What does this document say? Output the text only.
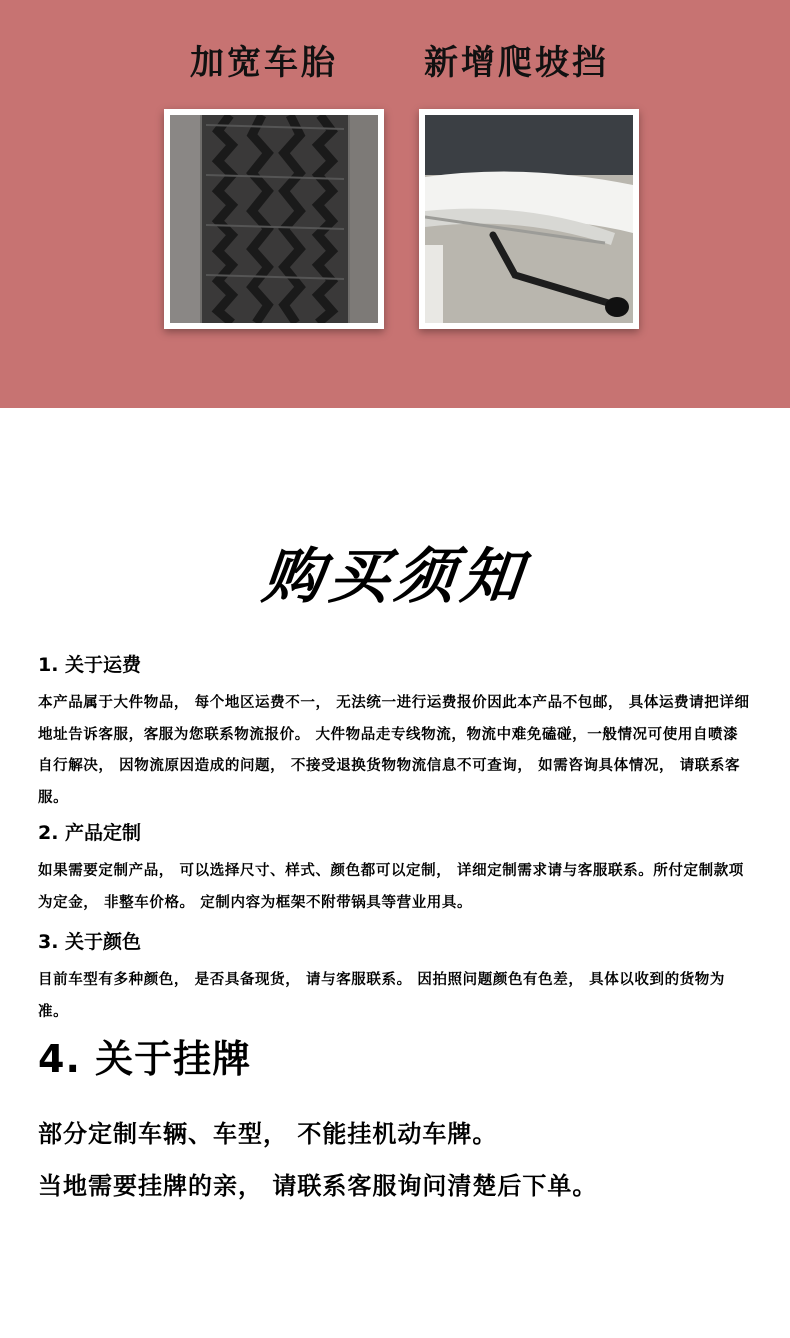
加宽车胎	新增爬坡挡
购买须知
1. 关于运费
本产品属于大件物品， 每个地区运费不一， 无法统一进行运费报价因此本产品不包邮， 具体运费请把详细地址告诉客服，客服为您联系物流报价。 大件物品走专线物流，物流中难免磕碰，一般情况可使用自喷漆自行解决， 因物流原因造成的问题， 不接受退换货物物流信息不可查询， 如需咨询具体情况， 请联系客服。
2. 产品定制
如果需要定制产品， 可以选择尺寸、样式、颜色都可以定制， 详细定制需求请与客服联系。所付定制款项为定金， 非整车价格。 定制内容为框架不附带锅具等营业用具。
3. 关于颜色
目前车型有多种颜色， 是否具备现货， 请与客服联系。 因拍照问题颜色有色差， 具体以收到的货物为准。
4. 关于挂牌
部分定制车辆、车型， 不能挂机动车牌。
当地需要挂牌的亲， 请联系客服询问清楚后下单。
